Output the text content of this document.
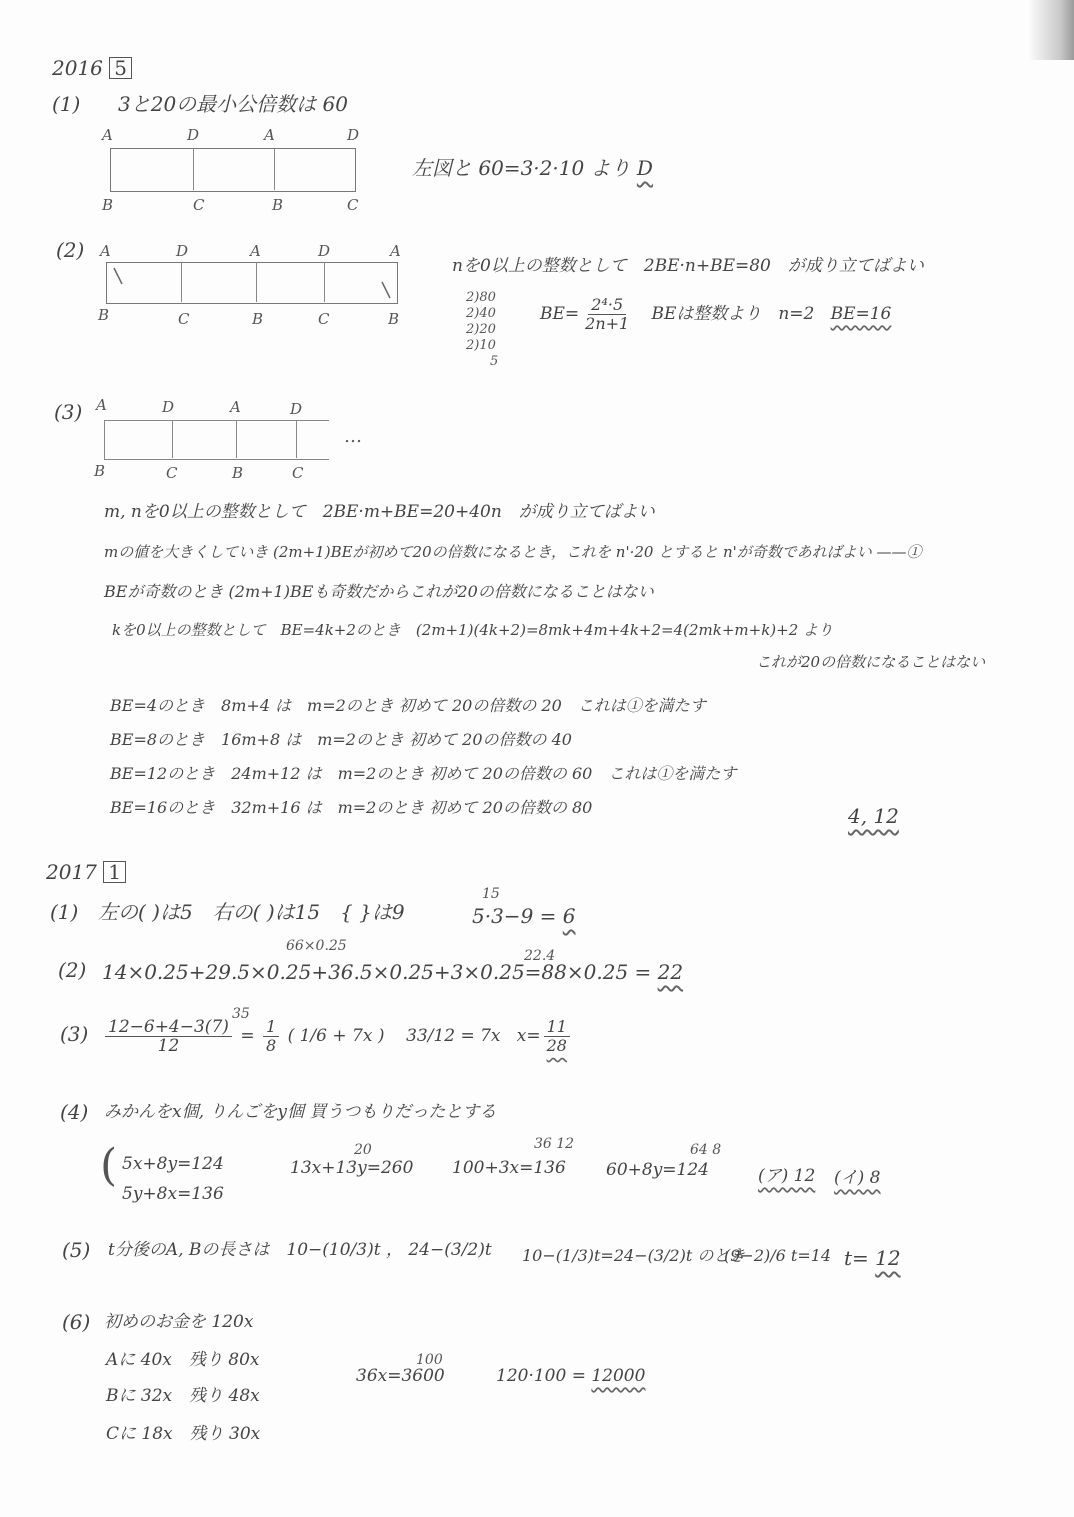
2016 5
(1) 3と20の最小公倍数は 60
A	D	A	D
B	C	B	C
左図と 60=3·2·10 より D
(2) A	D	A	D	A
B	C	B	C	B
nを0以上の整数として　2BE·n+BE=80　が成り立てばよい
2)80
2)40
2)20
2)10
5
$BE= \frac{\text{2⁴·5}}{2n+1}$ BEは整数より　n=2 BE=16
(3) A	D	A	D
…
B	C	B	C
m, nを0以上の整数として　2BE·m+BE=20+40n　が成り立てばよい
mの値を大きくしていき (2m+1)BEが初めて20の倍数になるとき，これを n'·20 とすると n'が奇数であればよい ——①
BEが奇数のとき (2m+1)BEも奇数だからこれが20の倍数になることはない
kを0以上の整数として　BE=4k+2のとき　(2m+1)(4k+2)=8mk+4m+4k+2=4(2mk+m+k)+2 より
これが20の倍数になることはない
BE=4のとき　8m+4 は　m=2のとき 初めて 20の倍数の 20　これは①を満たす
BE=8のとき　16m+8 は　m=2のとき 初めて 20の倍数の 40
BE=12のとき　24m+12 は　m=2のとき 初めて 20の倍数の 60　これは①を満たす
BE=16のとき　32m+16 は　m=2のとき 初めて 20の倍数の 80	4, 12
2017 1
(1) 左の( )は5　右の( )は15　{ }は9
15
5·3−9 = 6
(2)
66×0.25
22.4
14×0.25+29.5×0.25+36.5×0.25+3×0.25=88×0.25 = 22
(3)
35
$\frac{12-6+4-3(7)}{12} = \frac{1}{8}$ ( 1/6 + 7x ) 33/12 = 7x $x= \frac{11}{28}$
(4) みかんをx個, りんごをy個 買うつもりだったとする
( 5x+8y=124
5y+8x=136
20
13x+13y=260
36 12
100+3x=136
64 8
60+8y=124	(ア) 12 (イ) 8
(5) t分後のA, Bの長さは　10−(10/3)t ， 24−(3/2)t 10−(1/3)t=24−(3/2)t のとき
(9−2)/6 t=14 t= 12
(6) 初めのお金を 120x
Aに 40x　残り 80x
Bに 32x　残り 48x
Cに 18x　残り 30x
100
36x=3600	120·100 = 12000
